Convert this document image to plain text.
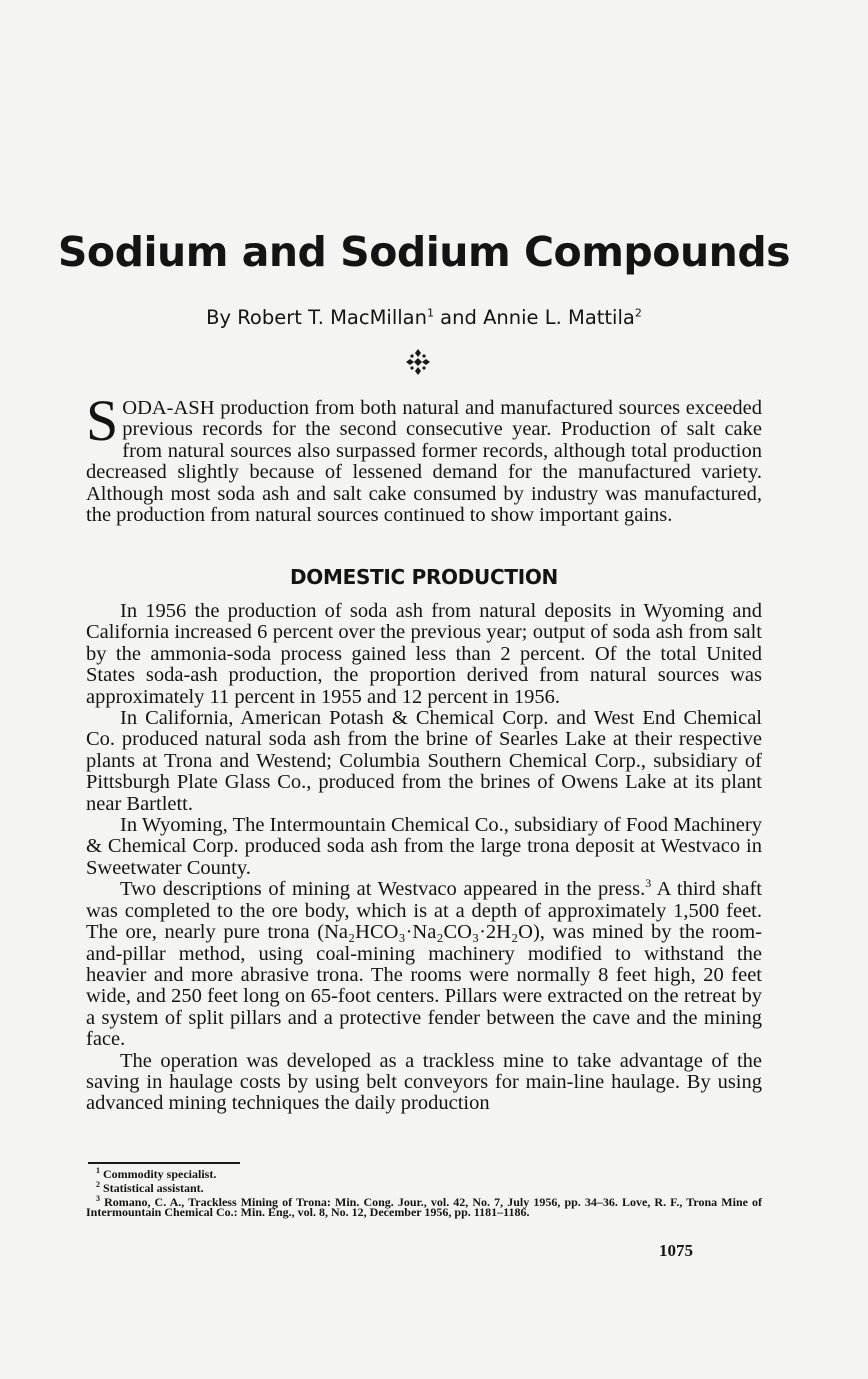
Sodium and Sodium Compounds
By Robert T. MacMillan$^1$ and Annie L. Mattila$^2$

SODA-ASH production from both natural and manufactured sources exceeded previous records for the second consecutive year. Production of salt cake from natural sources also surpassed former records, although total production decreased slightly because of lessened demand for the manufactured variety. Although most soda ash and salt cake consumed by industry was manufactured, the production from natural sources continued to show important gains.

DOMESTIC PRODUCTION

In 1956 the production of soda ash from natural deposits in Wyoming and California increased 6 percent over the previous year; output of soda ash from salt by the ammonia-soda process gained less than 2 percent. Of the total United States soda-ash production, the proportion derived from natural sources was approximately 11 percent in 1955 and 12 percent in 1956.

In California, American Potash & Chemical Corp. and West End Chemical Co. produced natural soda ash from the brine of Searles Lake at their respective plants at Trona and Westend; Columbia Southern Chemical Corp., subsidiary of Pittsburgh Plate Glass Co., produced from the brines of Owens Lake at its plant near Bartlett.

In Wyoming, The Intermountain Chemical Co., subsidiary of Food Machinery & Chemical Corp. produced soda ash from the large trona deposit at Westvaco in Sweetwater County.

Two descriptions of mining at Westvaco appeared in the press.$^3$ A third shaft was completed to the ore body, which is at a depth of approximately 1,500 feet. The ore, nearly pure trona (Na₂HCO₃·Na₂CO₃·2H₂O), was mined by the room-and-pillar method, using coal-mining machinery modified to withstand the heavier and more abrasive trona. The rooms were normally 8 feet high, 20 feet wide, and 250 feet long on 65-foot centers. Pillars were extracted on the retreat by a system of split pillars and a protective fender between the cave and the mining face.

The operation was developed as a trackless mine to take advantage of the saving in haulage costs by using belt conveyors for main-line haulage. By using advanced mining techniques the daily production

$^1$ Commodity specialist.

$^2$ Statistical assistant.

$^3$ Romano, C. A., Trackless Mining of Trona: Min. Cong. Jour., vol. 42, No. 7, July 1956, pp. 34–36. Love, R. F., Trona Mine of Intermountain Chemical Co.: Min. Eng., vol. 8, No. 12, December 1956, pp. 1181–1186.

1075
